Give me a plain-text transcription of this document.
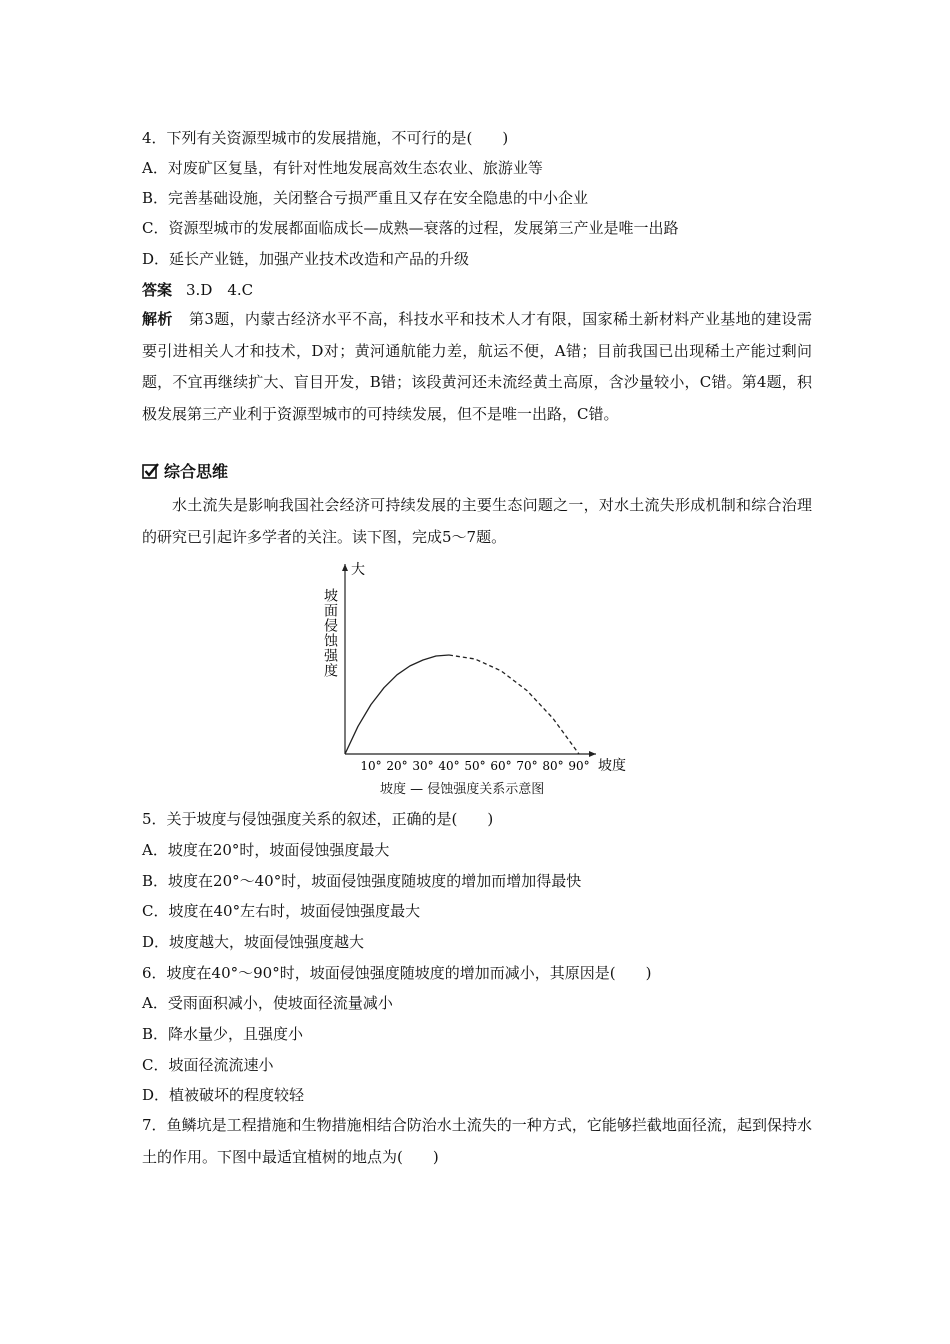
4．下列有关资源型城市的发展措施，不可行的是(　　)
A．对废矿区复垦，有针对性地发展高效生态农业、旅游业等
B．完善基础设施，关闭整合亏损严重且又存在安全隐患的中小企业
C．资源型城市的发展都面临成长—成熟—衰落的过程，发展第三产业是唯一出路
D．延长产业链，加强产业技术改造和产品的升级
答案 3.D　4.C
解析 第3题，内蒙古经济水平不高，科技水平和技术人才有限，国家稀土新材料产业基地的建设需要引进相关人才和技术，D对；黄河通航能力差，航运不便，A错；目前我国已出现稀土产能过剩问题，不宜再继续扩大、盲目开发，B错；该段黄河还未流经黄土高原，含沙量较小，C错。第4题，积极发展第三产业利于资源型城市的可持续发展，但不是唯一出路，C错。
综合思维
水土流失是影响我国社会经济可持续发展的主要生态问题之一，对水土流失形成机制和综合治理的研究已引起许多学者的关注。读下图，完成5～7题。
大
坡面侵蚀强度
坡度
10° 20° 30° 40° 50° 60° 70° 80° 90°
坡度 — 侵蚀强度关系示意图
5．关于坡度与侵蚀强度关系的叙述，正确的是(　　)
A．坡度在20°时，坡面侵蚀强度最大
B．坡度在20°～40°时，坡面侵蚀强度随坡度的增加而增加得最快
C．坡度在40°左右时，坡面侵蚀强度最大
D．坡度越大，坡面侵蚀强度越大
6．坡度在40°～90°时，坡面侵蚀强度随坡度的增加而减小，其原因是(　　)
A．受雨面积减小，使坡面径流量减小
B．降水量少，且强度小
C．坡面径流流速小
D．植被破坏的程度较轻
7．鱼鳞坑是工程措施和生物措施相结合防治水土流失的一种方式，它能够拦截地面径流，起到保持水土的作用。下图中最适宜植树的地点为(　　)
